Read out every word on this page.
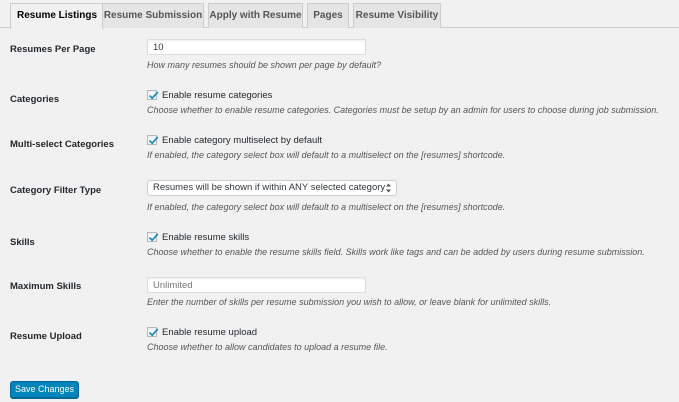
Resume Listings Resume Submission Apply with Resume	Pages	Resume Visibility
Resumes Per Page	10
How many resumes should be shown per page by default?
Categories	Enable resume categories
Choose whether to enable resume categories. Categories must be setup by an admin for users to choose during job submission.
Multi-select Categories	Enable category multiselect by default
If enabled, the category select box will default to a multiselect on the [resumes] shortcode.
Category Filter Type	Resumes will be shown if within ANY selected category
If enabled, the category select box will default to a multiselect on the [resumes] shortcode.
Skills	Enable resume skills
Choose whether to enable the resume skills field. Skills work like tags and can be added by users during resume submission.
Maximum Skills	Unlimited
Enter the number of skills per resume submission you wish to allow, or leave blank for unlimited skills.
Resume Upload	Enable resume upload
Choose whether to allow candidates to upload a resume file.
Save Changes
